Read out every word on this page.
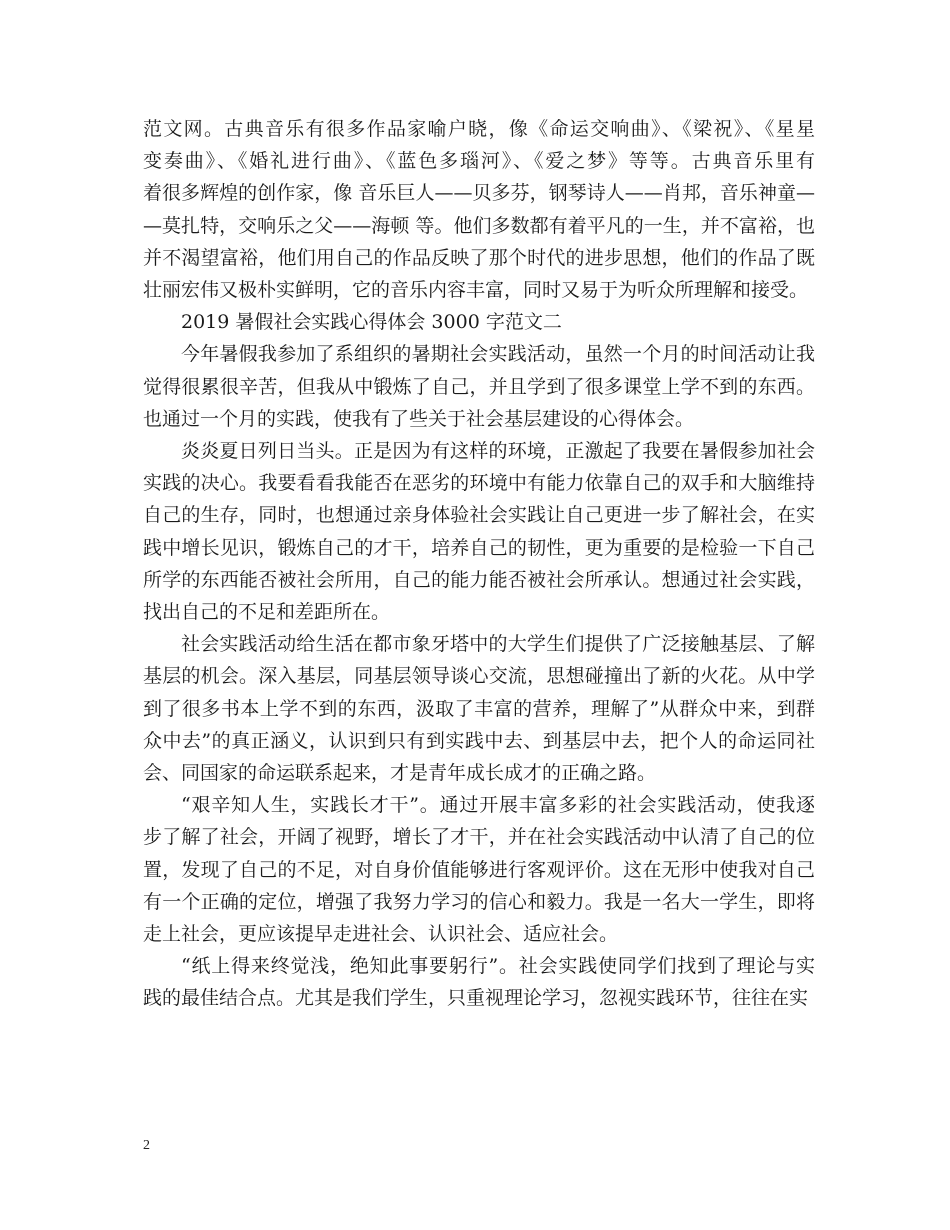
范文网。古典音乐有很多作品家喻户晓，像《命运交响曲》、《梁祝》、《星星
变奏曲》、《婚礼进行曲》、《蓝色多瑙河》、《爱之梦》等等。古典音乐里有
着很多辉煌的创作家，像 音乐巨人——贝多芬，钢琴诗人——肖邦，音乐神童—
—莫扎特，交响乐之父——海顿 等。他们多数都有着平凡的一生，并不富裕，也
并不渴望富裕，他们用自己的作品反映了那个时代的进步思想，他们的作品了既
壮丽宏伟又极朴实鲜明，它的音乐内容丰富，同时又易于为听众所理解和接受。
2019 暑假社会实践心得体会 3000 字范文二
今年暑假我参加了系组织的暑期社会实践活动，虽然一个月的时间活动让我
觉得很累很辛苦，但我从中锻炼了自己，并且学到了很多课堂上学不到的东西。
也通过一个月的实践，使我有了些关于社会基层建设的心得体会。
炎炎夏日列日当头。正是因为有这样的环境，正激起了我要在暑假参加社会
实践的决心。我要看看我能否在恶劣的环境中有能力依靠自己的双手和大脑维持
自己的生存，同时，也想通过亲身体验社会实践让自己更进一步了解社会，在实
践中增长见识，锻炼自己的才干，培养自己的韧性，更为重要的是检验一下自己
所学的东西能否被社会所用，自己的能力能否被社会所承认。想通过社会实践，
找出自己的不足和差距所在。
社会实践活动给生活在都市象牙塔中的大学生们提供了广泛接触基层、了解
基层的机会。深入基层，同基层领导谈心交流，思想碰撞出了新的火花。从中学
到了很多书本上学不到的东西，汲取了丰富的营养，理解了”从群众中来，到群
众中去”的真正涵义，认识到只有到实践中去、到基层中去，把个人的命运同社
会、同国家的命运联系起来，才是青年成长成才的正确之路。
“艰辛知人生，实践长才干”。通过开展丰富多彩的社会实践活动，使我逐
步了解了社会，开阔了视野，增长了才干，并在社会实践活动中认清了自己的位
置，发现了自己的不足，对自身价值能够进行客观评价。这在无形中使我对自己
有一个正确的定位，增强了我努力学习的信心和毅力。我是一名大一学生，即将
走上社会，更应该提早走进社会、认识社会、适应社会。
“纸上得来终觉浅，绝知此事要躬行”。社会实践使同学们找到了理论与实
践的最佳结合点。尤其是我们学生，只重视理论学习，忽视实践环节，往往在实
2
